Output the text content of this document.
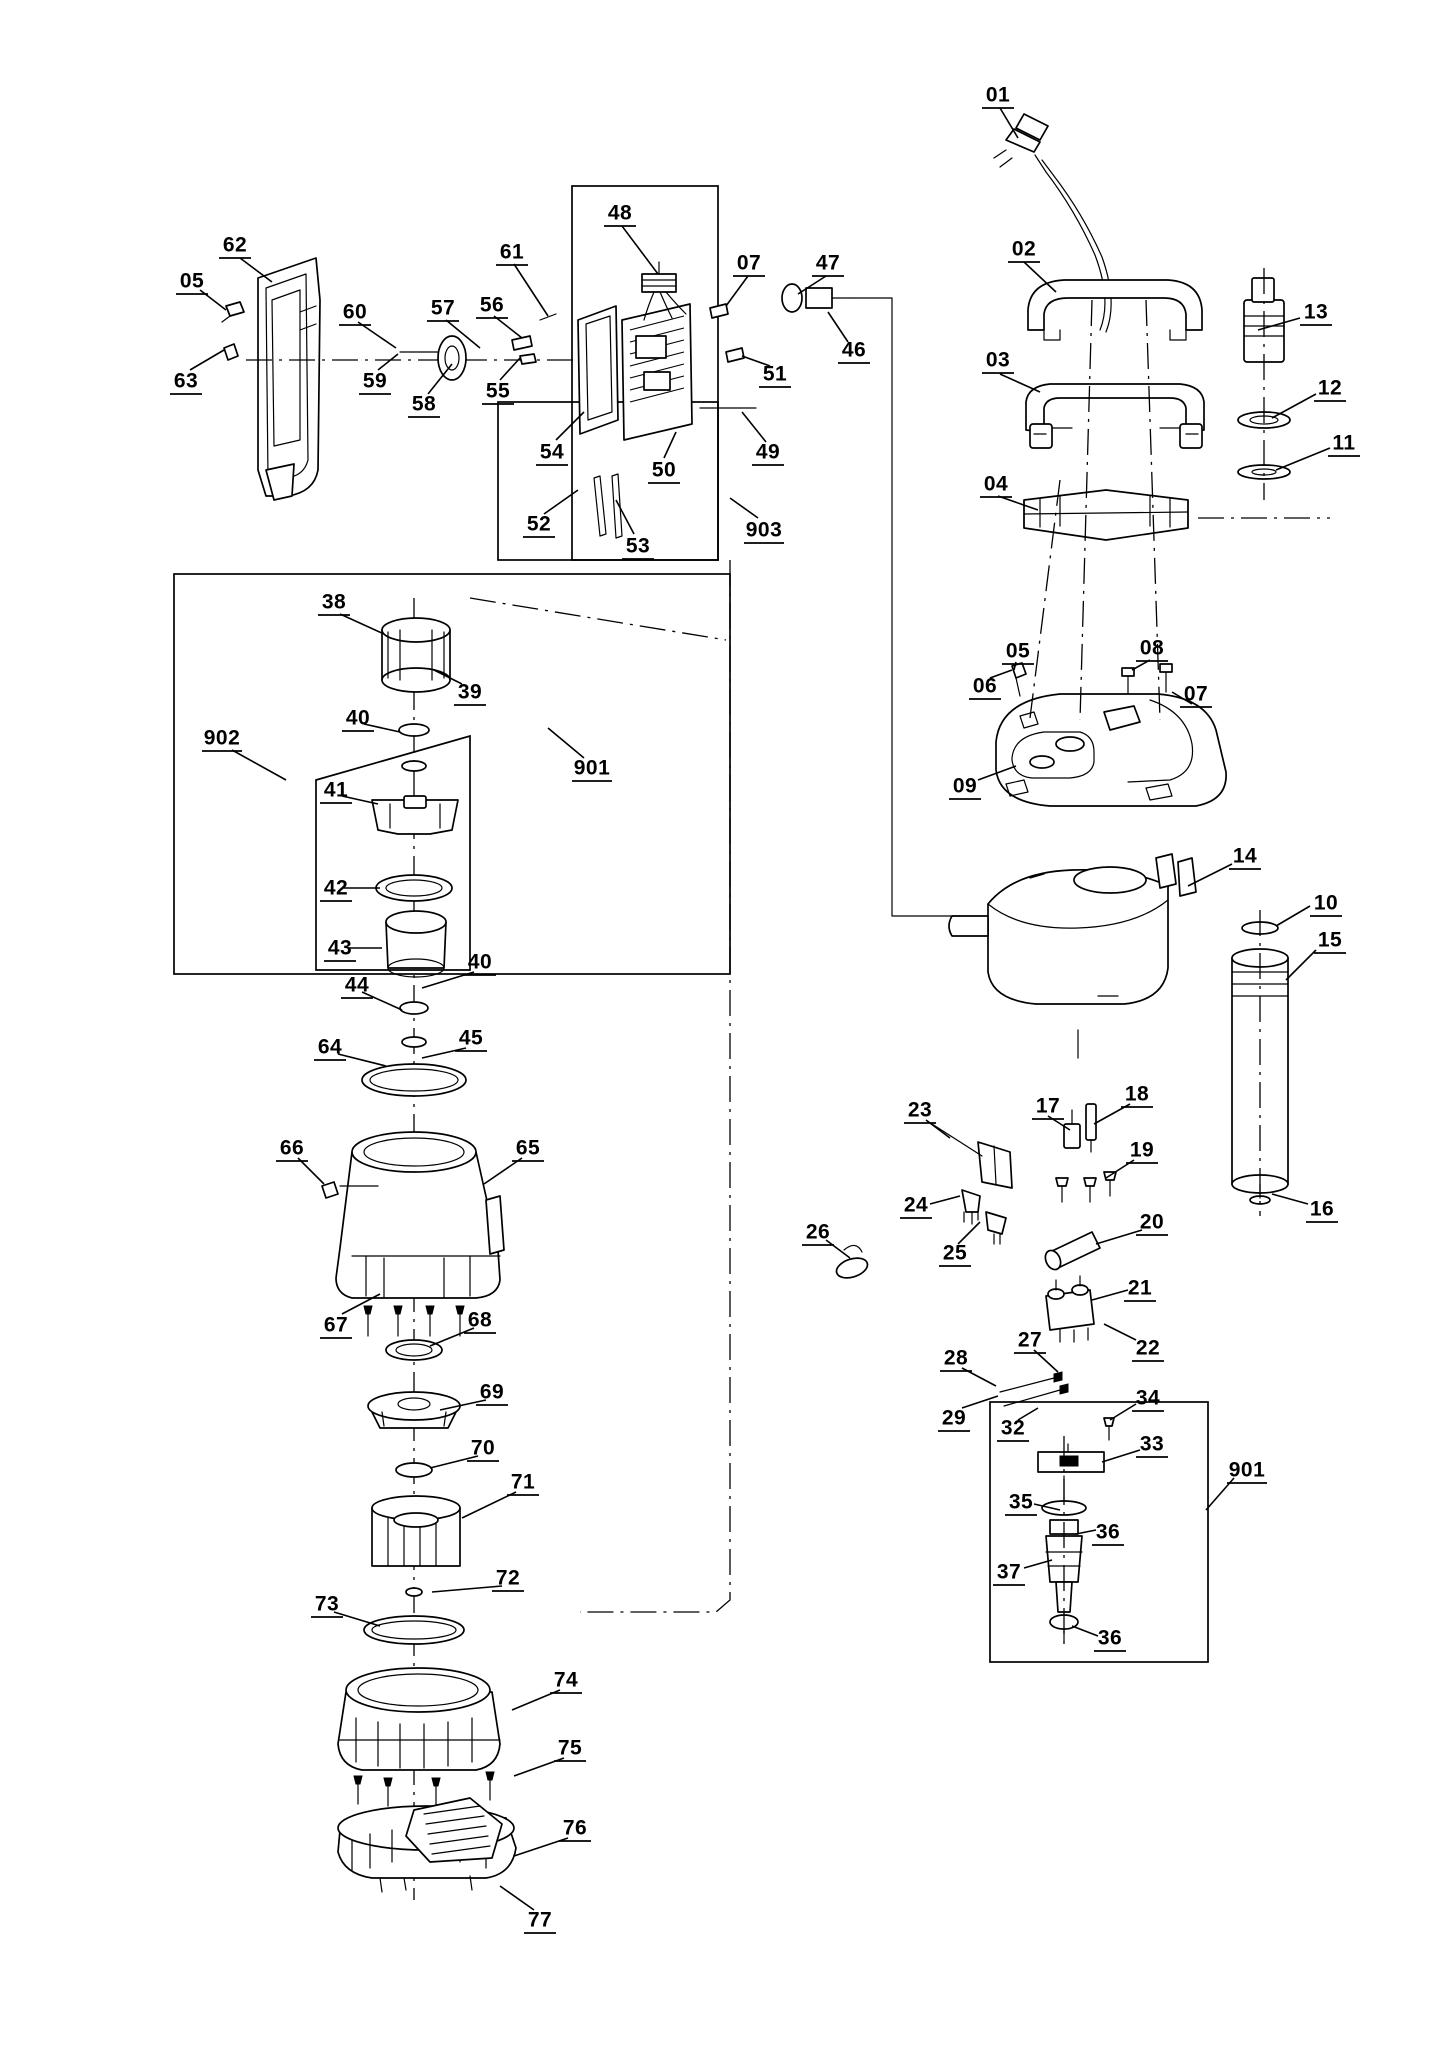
01
02
13
03
12
11
04
05	08
06	07
09
14
10
15
16
23	17
18
19
24
20
25
26
21
22
27
28
34
29 32
33
901
35
36
37
36
62
05
61
48
07	47
60	57 56
46
51
63	59
58
55
49
54
50
52
53
903
38
39
40
902
901
41
42
43
40
44
45
64
66	65
67	68
69
70
71
72
73
74
75
76
77
